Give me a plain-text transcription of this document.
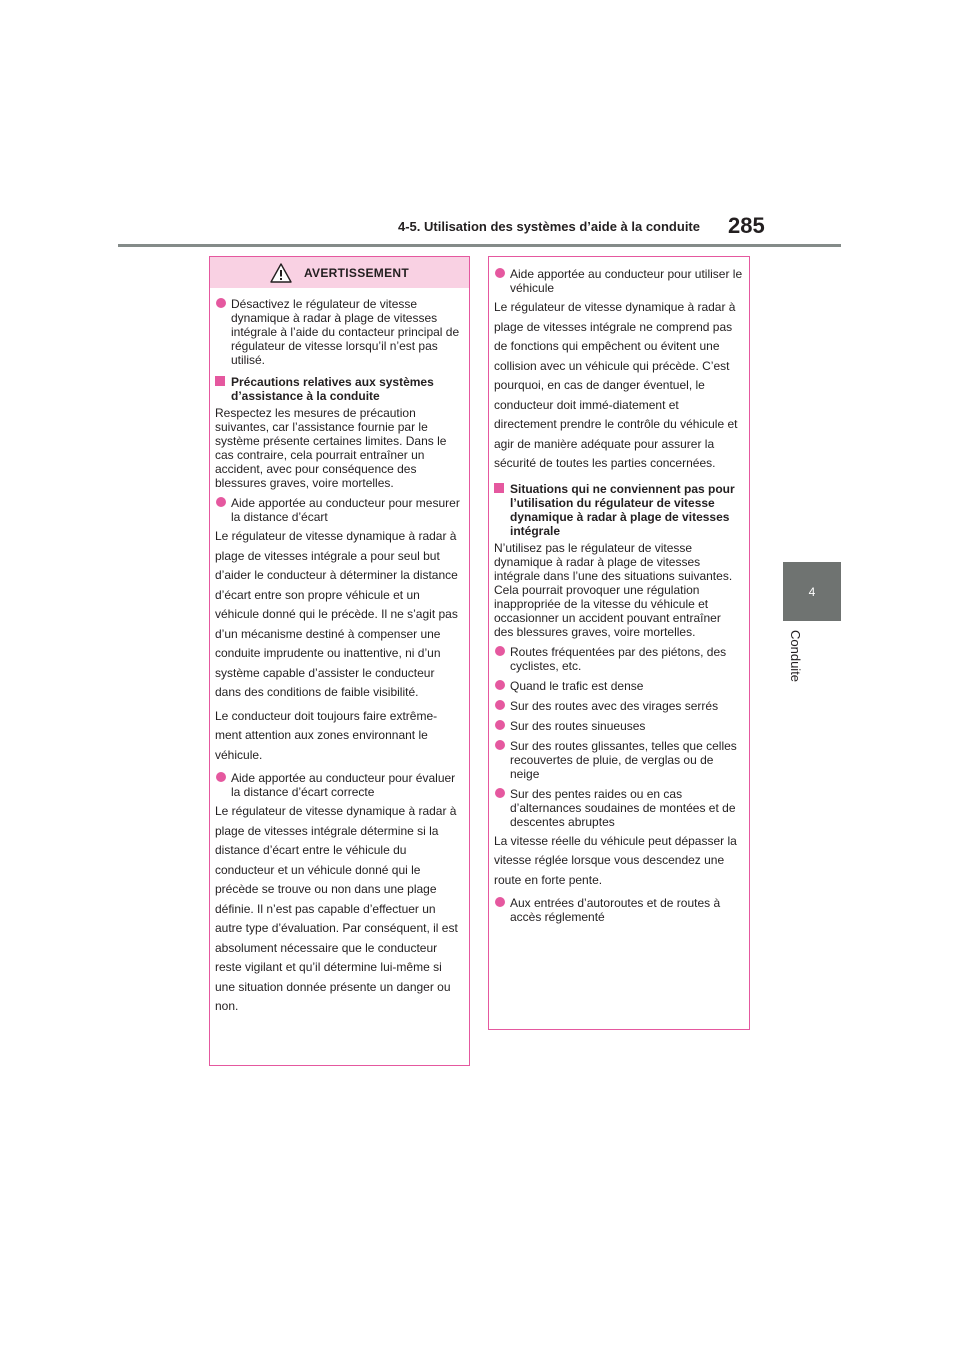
4-5. Utilisation des systèmes d’aide à la conduite 285
4
Conduite
AVERTISSEMENT
Désactivez le régulateur de vitesse dynamique à radar à plage de vitesses intégrale à l’aide du contacteur principal de régulateur de vitesse lorsqu’il n’est pas utilisé.
Précautions relatives aux systèmes d’assistance à la conduite
Respectez les mesures de précaution suivantes, car l’assistance fournie par le système présente certaines limites. Dans le cas contraire, cela pourrait entraîner un accident, avec pour conséquence des blessures graves, voire mortelles.
Aide apportée au conducteur pour mesurer la distance d’écart
Le régulateur de vitesse dynamique à radar à plage de vitesses intégrale a pour seul but d’aider le conducteur à déterminer la distance d’écart entre son propre véhicule et un véhicule donné qui le précède. Il ne s’agit pas d’un mécanisme destiné à compenser une conduite imprudente ou inattentive, ni d’un système capable d’assister le conducteur dans des conditions de faible visibilité.
Le conducteur doit toujours faire extrême-ment attention aux zones environnant le véhicule.
Aide apportée au conducteur pour évaluer la distance d’écart correcte
Le régulateur de vitesse dynamique à radar à plage de vitesses intégrale détermine si la distance d’écart entre le véhicule du conducteur et un véhicule donné qui le précède se trouve ou non dans une plage définie. Il n’est pas capable d’effectuer un autre type d’évaluation. Par conséquent, il est absolument nécessaire que le conducteur reste vigilant et qu’il détermine lui-même si une situation donnée présente un danger ou non.
Aide apportée au conducteur pour utiliser le véhicule
Le régulateur de vitesse dynamique à radar à plage de vitesses intégrale ne comprend pas de fonctions qui empêchent ou évitent une collision avec un véhicule qui précède. C’est pourquoi, en cas de danger éventuel, le conducteur doit immé-diatement et directement prendre le contrôle du véhicule et agir de manière adéquate pour assurer la sécurité de toutes les parties concernées.
Situations qui ne conviennent pas pour l’utilisation du régulateur de vitesse dynamique à radar à plage de vitesses intégrale
N’utilisez pas le régulateur de vitesse dynamique à radar à plage de vitesses intégrale dans l’une des situations suivantes. Cela pourrait provoquer une régulation inappropriée de la vitesse du véhicule et occasionner un accident pouvant entraîner des blessures graves, voire mortelles.
Routes fréquentées par des piétons, des cyclistes, etc.
Quand le trafic est dense
Sur des routes avec des virages serrés
Sur des routes sinueuses
Sur des routes glissantes, telles que celles recouvertes de pluie, de verglas ou de neige
Sur des pentes raides ou en cas d’alternances soudaines de montées et de descentes abruptes
La vitesse réelle du véhicule peut dépasser la vitesse réglée lorsque vous descendez une route en forte pente.
Aux entrées d’autoroutes et de routes à accès réglementé
